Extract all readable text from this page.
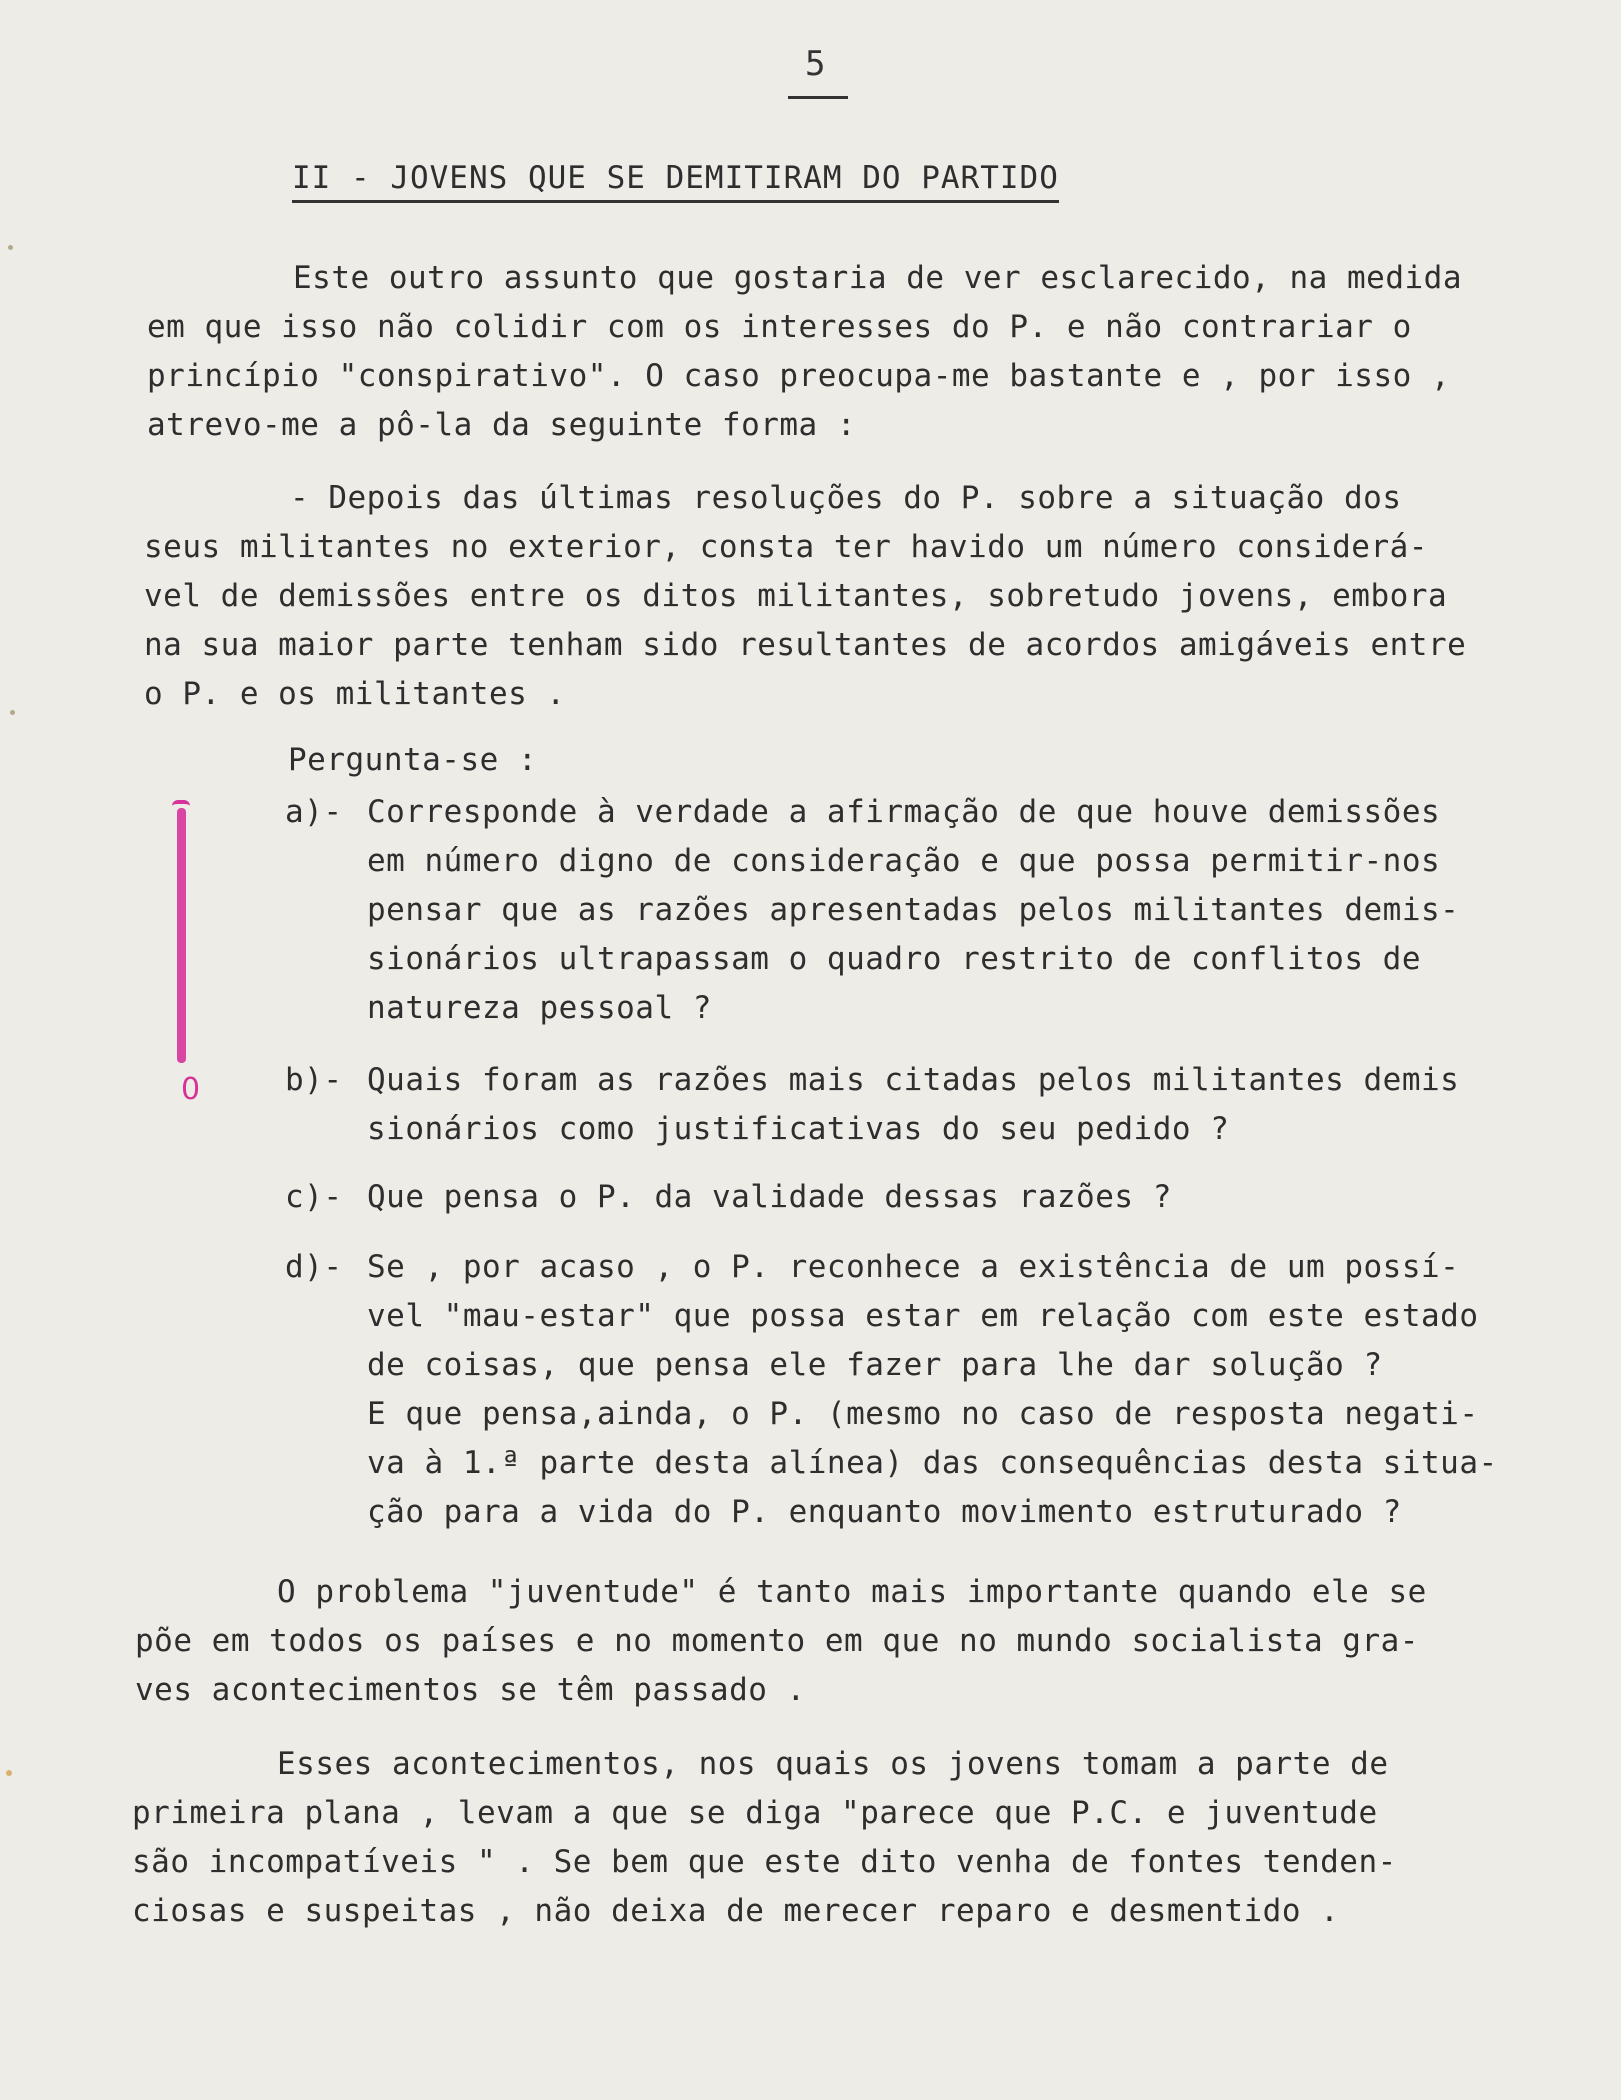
5
II - JOVENS QUE SE DEMITIRAM DO PARTIDO
Este outro assunto que gostaria de ver esclarecido, na medida
em que isso não colidir com os interesses do P. e não contrariar o
princípio "conspirativo". O caso preocupa-me bastante e , por isso ,
atrevo-me a pô-la da seguinte forma :
- Depois das últimas resoluções do P. sobre a situação dos
seus militantes no exterior, consta ter havido um número considerá-
vel de demissões entre os ditos militantes, sobretudo jovens, embora
na sua maior parte tenham sido resultantes de acordos amigáveis entre
o P. e os militantes .
Pergunta-se :
0
a)- Corresponde à verdade a afirmação de que houve demissões
em número digno de consideração e que possa permitir-nos
pensar que as razões apresentadas pelos militantes demis-
sionários ultrapassam o quadro restrito de conflitos de
natureza pessoal ?
b)- Quais foram as razões mais citadas pelos militantes demis
sionários como justificativas do seu pedido ?
c)- Que pensa o P. da validade dessas razões ?
d)- Se , por acaso , o P. reconhece a existência de um possí-
vel "mau-estar" que possa estar em relação com este estado
de coisas, que pensa ele fazer para lhe dar solução ?
E que pensa,ainda, o P. (mesmo no caso de resposta negati-
va à 1.ª parte desta alínea) das consequências desta situa-
ção para a vida do P. enquanto movimento estruturado ?
O problema "juventude" é tanto mais importante quando ele se
põe em todos os países e no momento em que no mundo socialista gra-
ves acontecimentos se têm passado .
Esses acontecimentos, nos quais os jovens tomam a parte de
primeira plana , levam a que se diga "parece que P.C. e juventude
são incompatíveis " . Se bem que este dito venha de fontes tenden-
ciosas e suspeitas , não deixa de merecer reparo e desmentido .
